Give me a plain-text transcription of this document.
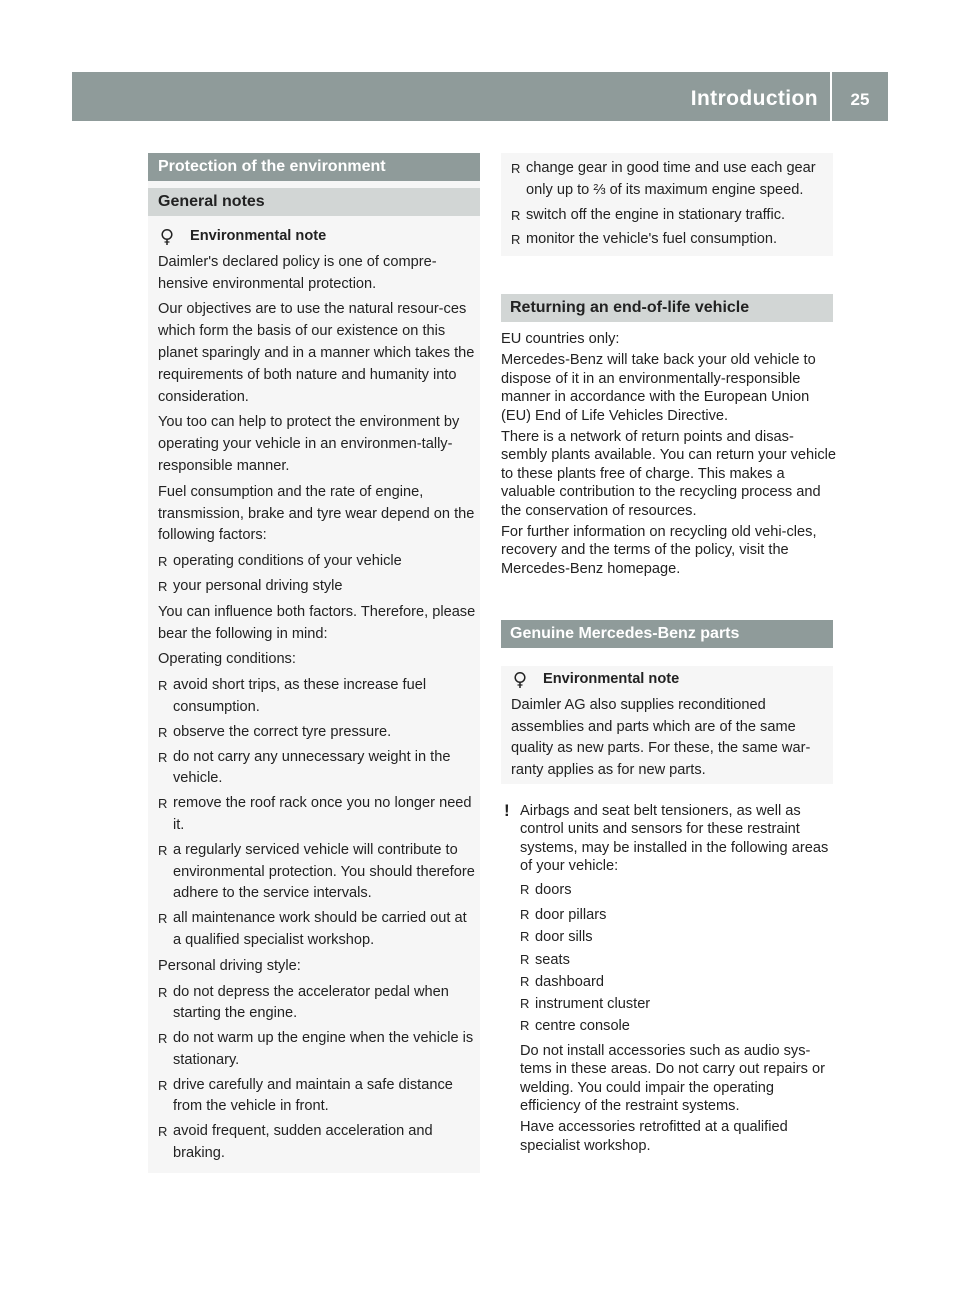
Introduction	25
Protection of the environment
General notes
Environmental note

Daimler's declared policy is one of compre-hensive environmental protection.

Our objectives are to use the natural resour-ces which form the basis of our existence on this planet sparingly and in a manner which takes the requirements of both nature and humanity into consideration.

You too can help to protect the environment by operating your vehicle in an environmen-tally-responsible manner.

Fuel consumption and the rate of engine, transmission, brake and tyre wear depend on the following factors:

R operating conditions of your vehicle
R your personal driving style

You can influence both factors. Therefore, please bear the following in mind:

Operating conditions:

R avoid short trips, as these increase fuel consumption.
R observe the correct tyre pressure.
R do not carry any unnecessary weight in the vehicle.
R remove the roof rack once you no longer need it.
R a regularly serviced vehicle will contribute to environmental protection. You should therefore adhere to the service intervals.
R all maintenance work should be carried out at a qualified specialist workshop.

Personal driving style:

R do not depress the accelerator pedal when starting the engine.
R do not warm up the engine when the vehicle is stationary.
R drive carefully and maintain a safe distance from the vehicle in front.
R avoid frequent, sudden acceleration and braking.
R change gear in good time and use each gear only up to ⅔ of its maximum engine speed.
R switch off the engine in stationary traffic.
R monitor the vehicle's fuel consumption.
Returning an end-of-life vehicle

EU countries only:

Mercedes-Benz will take back your old vehicle to dispose of it in an environmentally-responsible manner in accordance with the European Union (EU) End of Life Vehicles Directive.

There is a network of return points and disas-sembly plants available. You can return your vehicle to these plants free of charge. This makes a valuable contribution to the recycling process and the conservation of resources.

For further information on recycling old vehi-cles, recovery and the terms of the policy, visit the Mercedes-Benz homepage.

Genuine Mercedes-Benz parts
Environmental note

Daimler AG also supplies reconditioned assemblies and parts which are of the same quality as new parts. For these, the same war-ranty applies as for new parts.

! Airbags and seat belt tensioners, as well as control units and sensors for these restraint systems, may be installed in the following areas of your vehicle:

R doors
R door pillars
R door sills
R seats
R dashboard
R instrument cluster
R centre console

Do not install accessories such as audio sys-tems in these areas. Do not carry out repairs or welding. You could impair the operating efficiency of the restraint systems.

Have accessories retrofitted at a qualified specialist workshop.
